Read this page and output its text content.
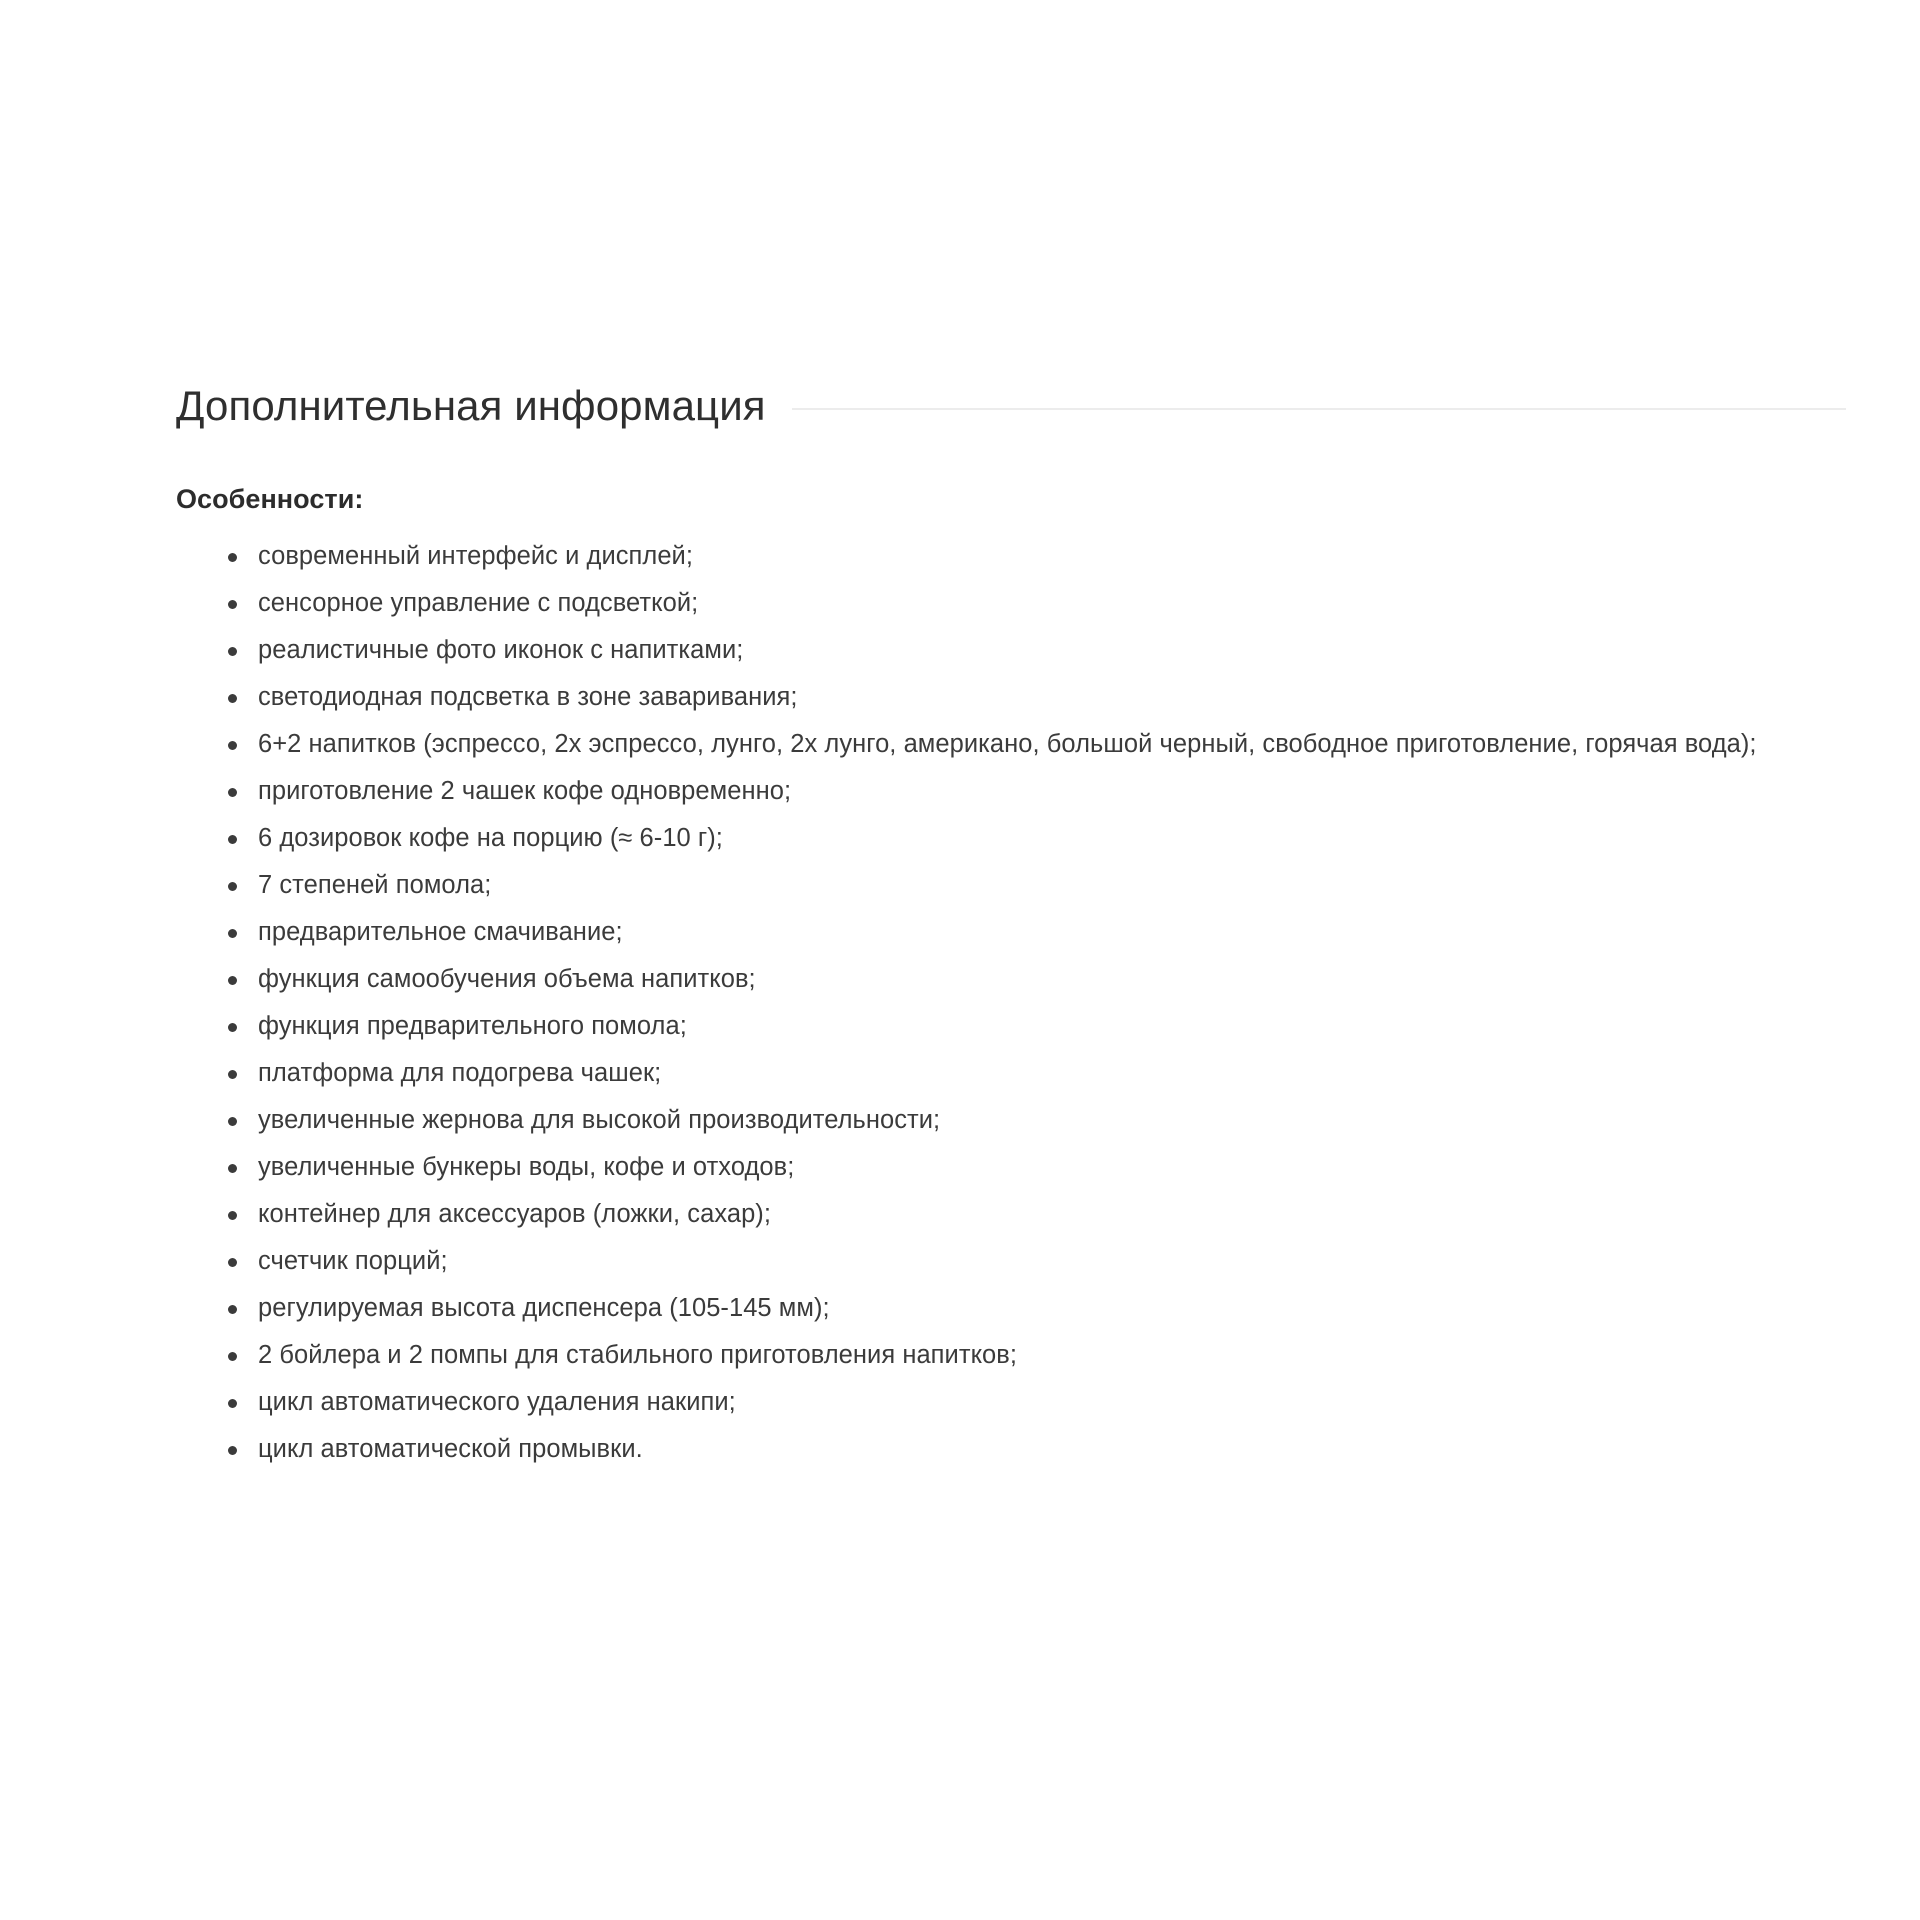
Дополнительная информация

Особенности:

современный интерфейс и дисплей;
сенсорное управление с подсветкой;
реалистичные фото иконок с напитками;
светодиодная подсветка в зоне заваривания;
6+2 напитков (эспрессо, 2х эспрессо, лунго, 2х лунго, американо, большой черный, свободное приготовление, горячая вода);
приготовление 2 чашек кофе одновременно;
6 дозировок кофе на порцию (≈ 6-10 г);
7 степеней помола;
предварительное смачивание;
функция самообучения объема напитков;
функция предварительного помола;
платформа для подогрева чашек;
увеличенные жернова для высокой производительности;
увеличенные бункеры воды, кофе и отходов;
контейнер для аксессуаров (ложки, сахар);
счетчик порций;
регулируемая высота диспенсера (105-145 мм);
2 бойлера и 2 помпы для стабильного приготовления напитков;
цикл автоматического удаления накипи;
цикл автоматической промывки.
